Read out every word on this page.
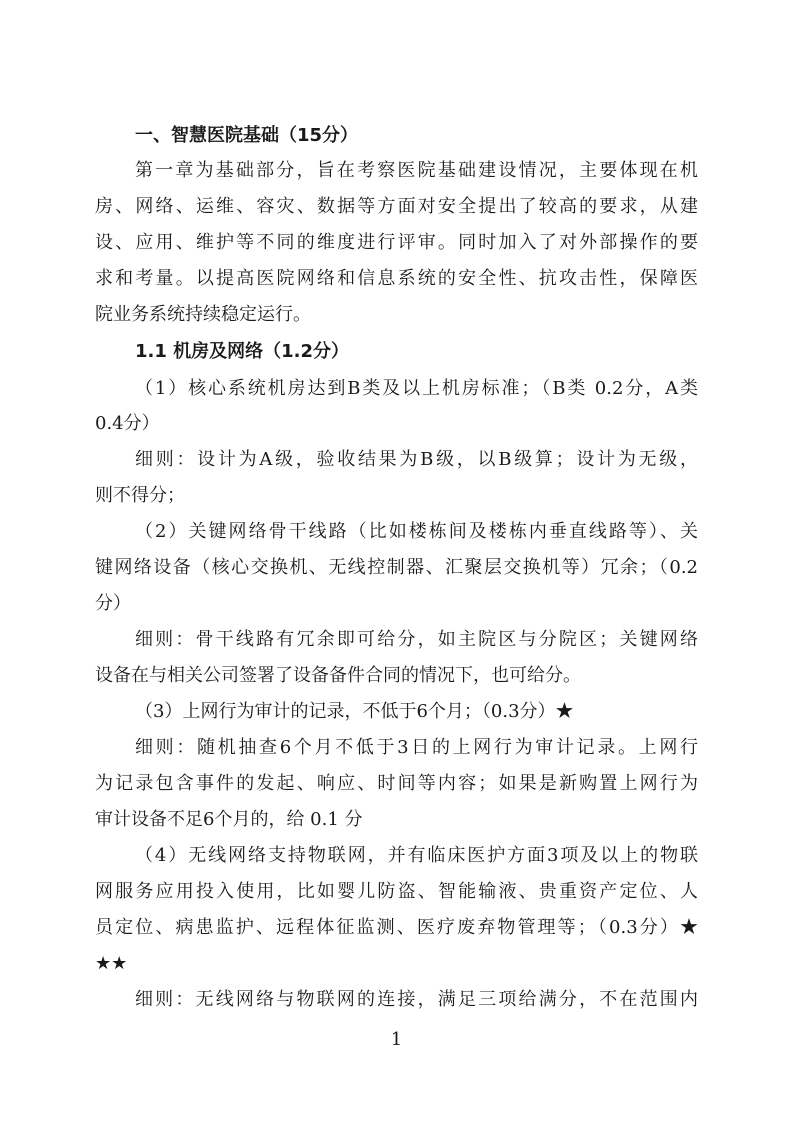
一、智慧医院基础（15分）
第一章为基础部分，旨在考察医院基础建设情况，主要体现在机
房、网络、运维、容灾、数据等方面对安全提出了较高的要求，从建
设、应用、维护等不同的维度进行评审。同时加入了对外部操作的要
求和考量。以提高医院网络和信息系统的安全性、抗攻击性，保障医
院业务系统持续稳定运行。
1.1 机房及网络（1.2分）
（1）核心系统机房达到B类及以上机房标准；（B类 0.2分，A类
0.4分）
细则：设计为A级，验收结果为B级，以B级算；设计为无级，
则不得分；
（2）关键网络骨干线路（比如楼栋间及楼栋内垂直线路等）、关
键网络设备（核心交换机、无线控制器、汇聚层交换机等）冗余；（0.2
分）
细则：骨干线路有冗余即可给分，如主院区与分院区；关键网络
设备在与相关公司签署了设备备件合同的情况下，也可给分。
（3）上网行为审计的记录，不低于6个月；（0.3分）★
细则：随机抽查6个月不低于3日的上网行为审计记录。上网行
为记录包含事件的发起、响应、时间等内容；如果是新购置上网行为
审计设备不足6个月的，给 0.1 分
（4）无线网络支持物联网，并有临床医护方面3项及以上的物联
网服务应用投入使用，比如婴儿防盗、智能输液、贵重资产定位、人
员定位、病患监护、远程体征监测、医疗废弃物管理等；（0.3分）★
★★
细则：无线网络与物联网的连接，满足三项给满分，不在范围内
1
